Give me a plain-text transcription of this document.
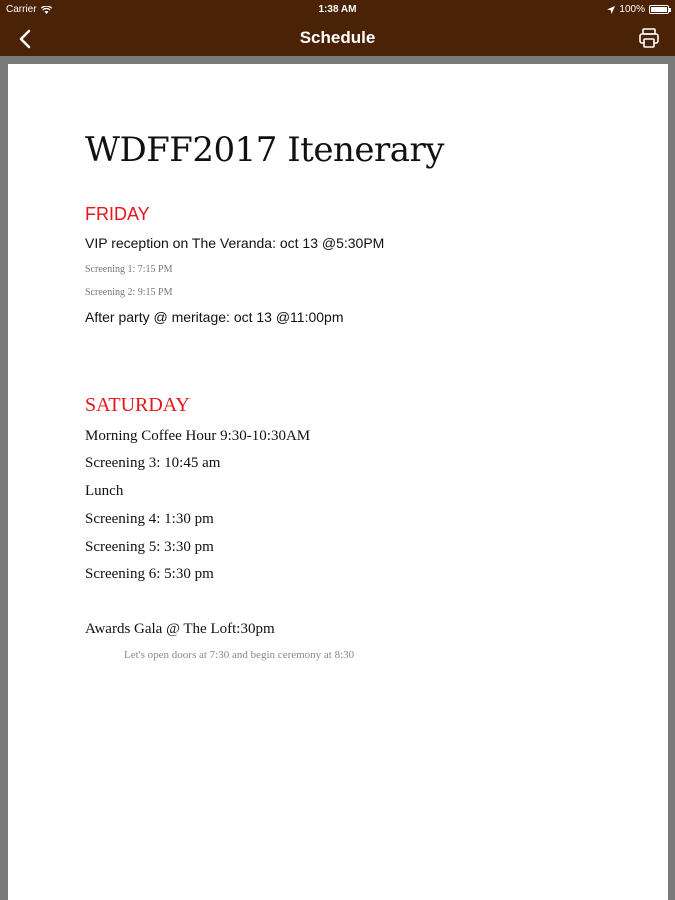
Carrier	1:38 AM	100%
Schedule
WDFF2017 Itenerary
FRIDAY
VIP reception on The Veranda: oct 13 @5:30PM
Screening 1: 7:15 PM
Screening 2: 9:15 PM
After party @ meritage: oct 13 @11:00pm
SATURDAY
Morning Coffee Hour 9:30-10:30AM
Screening 3: 10:45 am
Lunch
Screening 4: 1:30 pm
Screening 5: 3:30 pm
Screening 6: 5:30 pm
Awards Gala @ The Loft:30pm
Let's open doors at 7:30 and begin ceremony at 8:30
